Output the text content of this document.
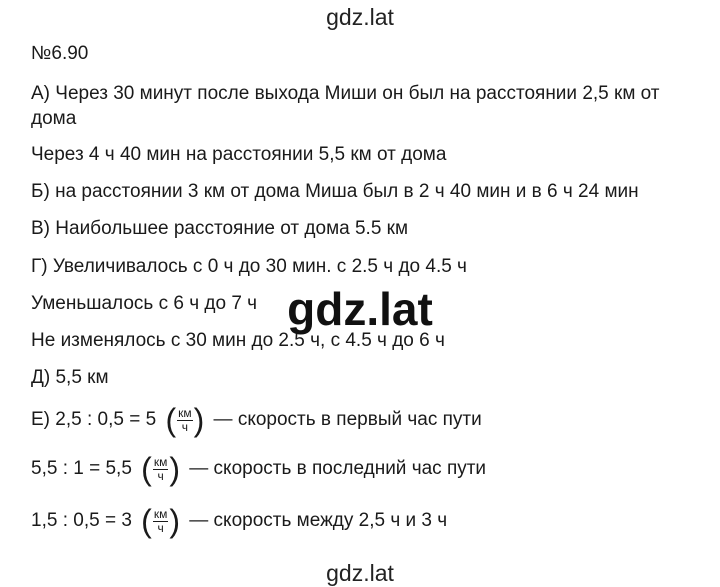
gdz.lat
№6.90
А) Через 30 минут после выхода Миши он был на расстоянии 2,5 км от
дома
Через 4 ч 40 мин на расстоянии 5,5 км от дома
Б) на расстоянии 3 км от дома Миша был в 2 ч 40 мин и в 6 ч 24 мин
В) Наибольшее расстояние от дома 5.5 км
Г) Увеличивалось с 0 ч до 30 мин. с 2.5 ч до 4.5 ч
Уменьшалось с 6 ч до 7 ч
Не изменялось с 30 мин до 2.5 ч, с 4.5 ч до 6 ч
Д) 5,5 км
Е) 2,5 : 0,5 = 5 ( $\frac{км}{ч}$ ) — скорость в первый час пути
5,5 : 1 = 5,5 ( $\frac{км}{ч}$ ) — скорость в последний час пути
1,5 : 0,5 = 3 ( $\frac{км}{ч}$ ) — скорость между 2,5 ч и 3 ч
gdz.lat
gdz.lat
